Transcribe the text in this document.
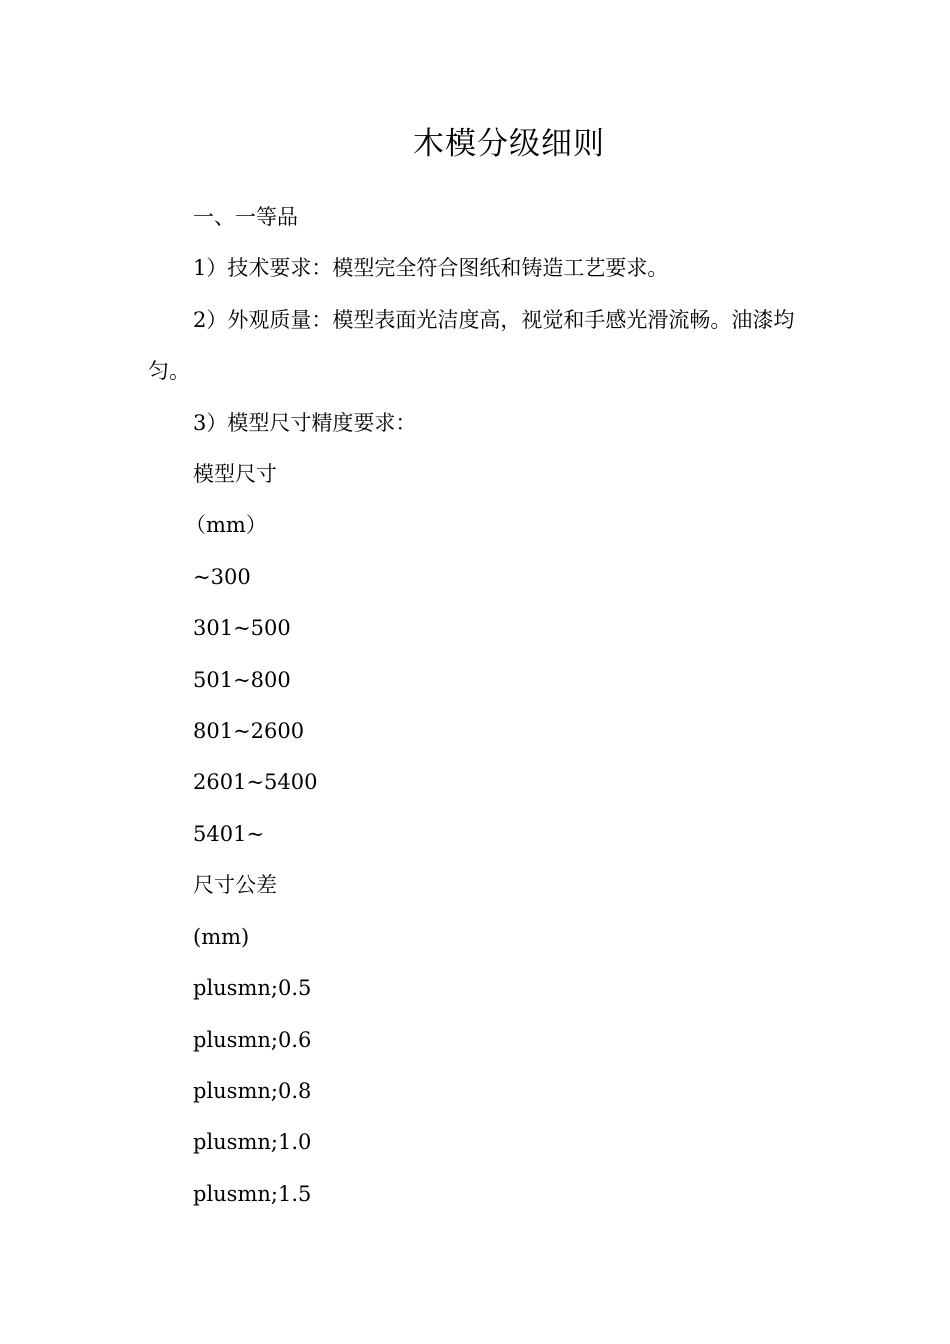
木模分级细则

一、一等品

1）技术要求：模型完全符合图纸和铸造工艺要求。

2）外观质量：模型表面光洁度高，视觉和手感光滑流畅。油漆均匀。

3）模型尺寸精度要求：

模型尺寸

（mm）

~300

301~500

501~800

801~2600

2601~5400

5401~

尺寸公差

(mm)

plusmn;0.5

plusmn;0.6

plusmn;0.8

plusmn;1.0

plusmn;1.5
